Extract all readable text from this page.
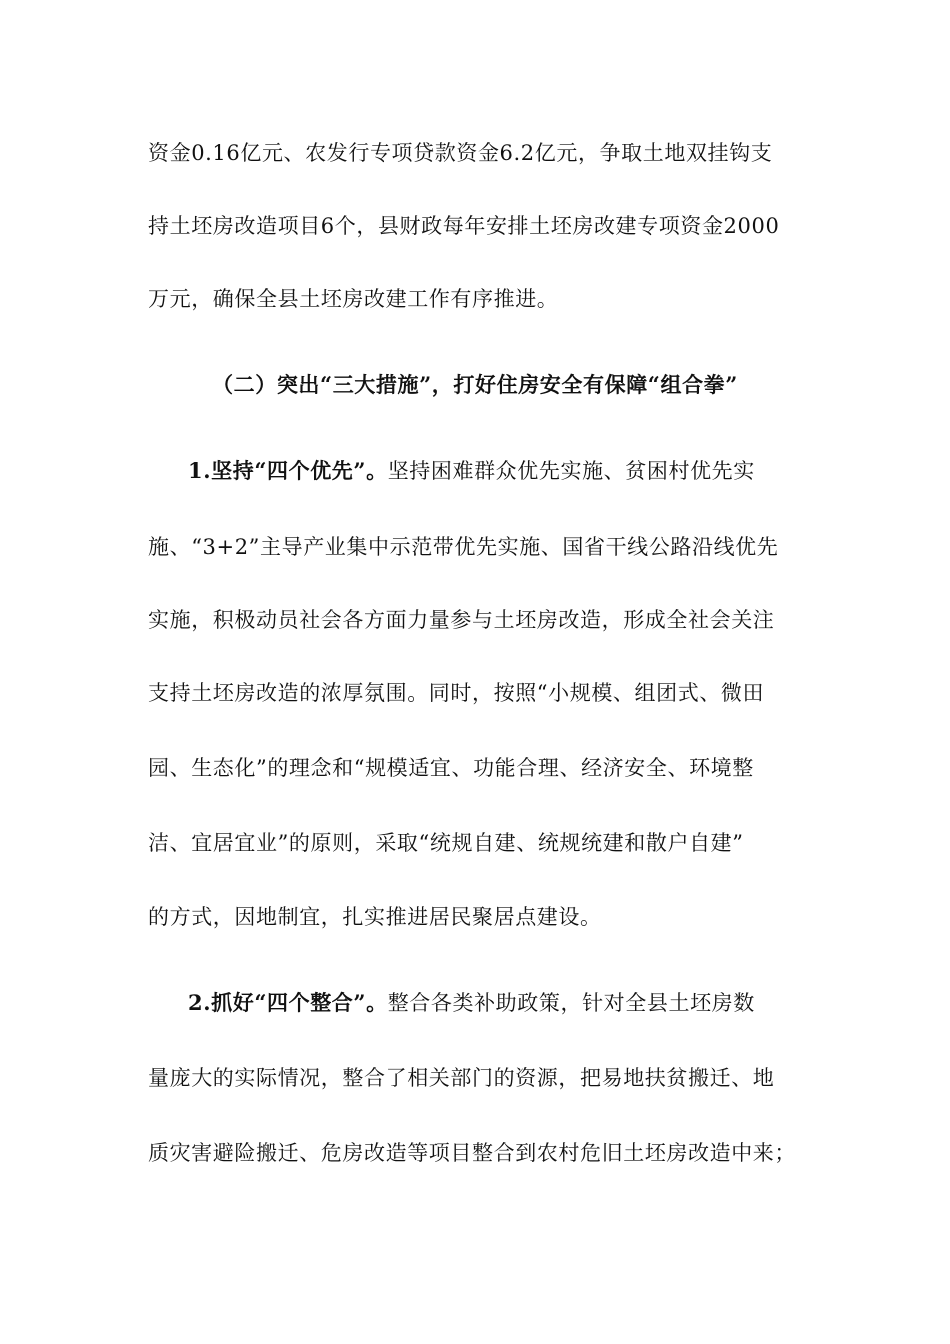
资金0.16亿元、农发行专项贷款资金6.2亿元，争取土地双挂钩支
持土坯房改造项目6个，县财政每年安排土坯房改建专项资金2000
万元，确保全县土坯房改建工作有序推进。
（二）突出“三大措施”，打好住房安全有保障“组合拳”
1.坚持“四个优先”。坚持困难群众优先实施、贫困村优先实
施、“3+2”主导产业集中示范带优先实施、国省干线公路沿线优先
实施，积极动员社会各方面力量参与土坯房改造，形成全社会关注
支持土坯房改造的浓厚氛围。同时，按照“小规模、组团式、微田
园、生态化”的理念和“规模适宜、功能合理、经济安全、环境整
洁、宜居宜业”的原则，采取“统规自建、统规统建和散户自建”
的方式，因地制宜，扎实推进居民聚居点建设。
2.抓好“四个整合”。整合各类补助政策，针对全县土坯房数
量庞大的实际情况，整合了相关部门的资源，把易地扶贫搬迁、地
质灾害避险搬迁、危房改造等项目整合到农村危旧土坯房改造中来；
